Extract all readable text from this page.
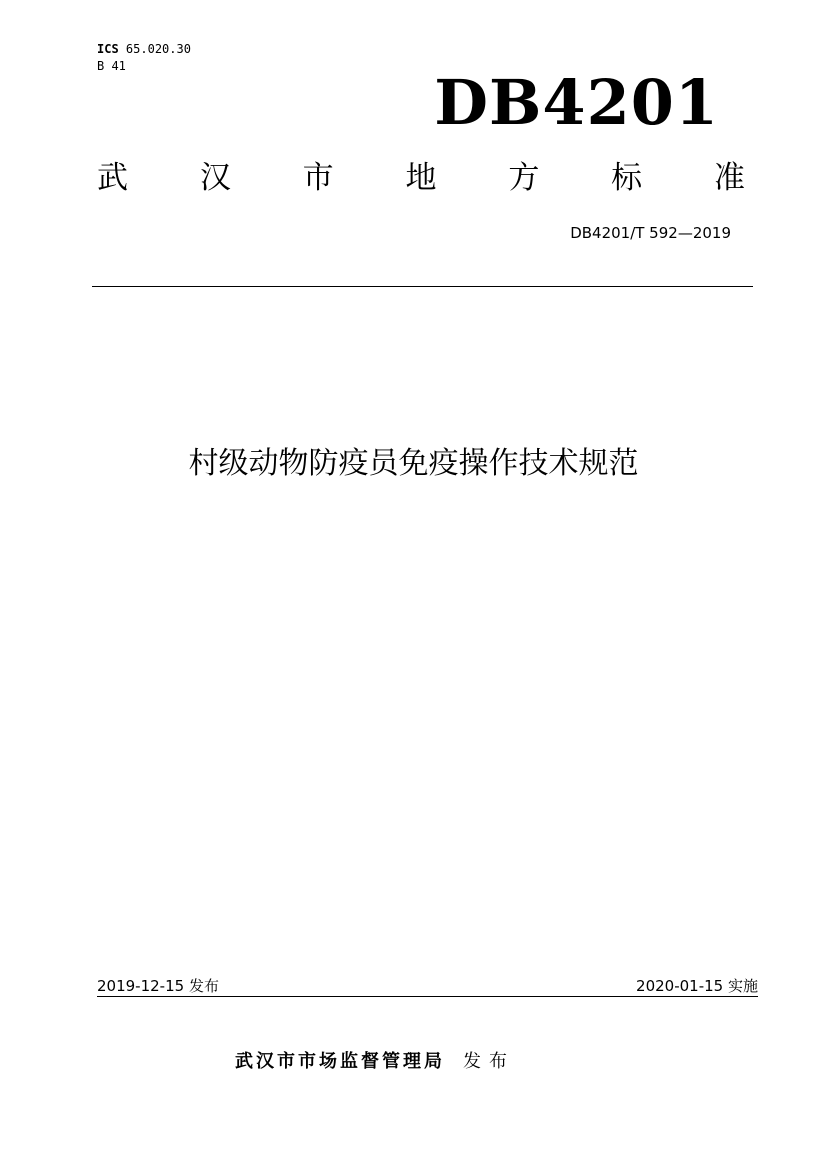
ICS 65.020.30
B 41	DB4201
武 汉 市 地 方 标 准
DB4201/T 592—2019
村级动物防疫员免疫操作技术规范
2019-12-15 发布	2020-01-15 实施
武汉市市场监督管理局 发布
